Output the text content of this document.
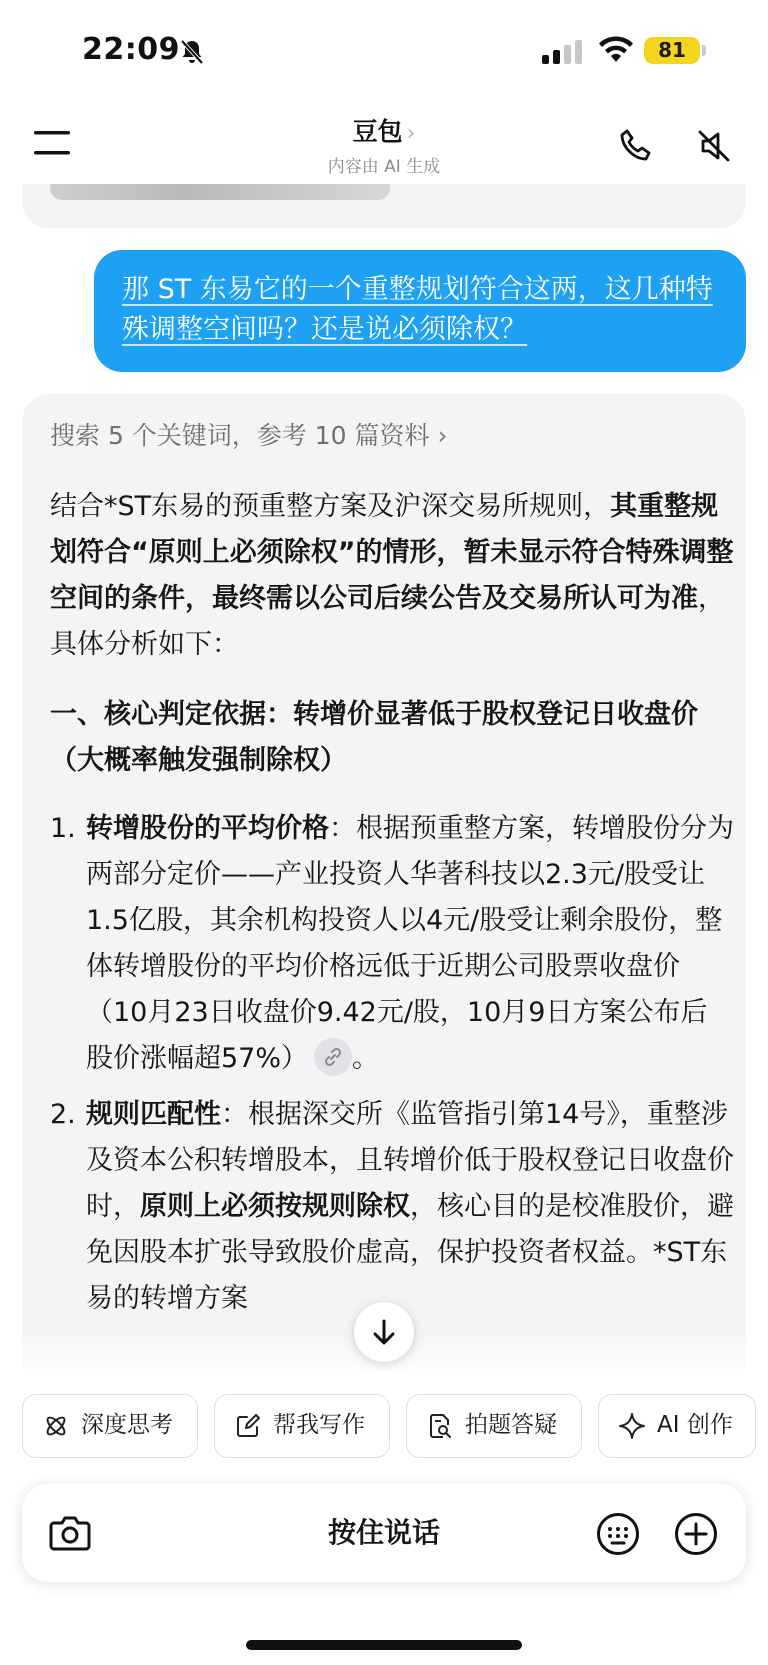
22:09	81
豆包 ›
内容由 AI 生成
那 ST 东易它的一个重整规划符合这两，这几种特殊调整空间吗？还是说必须除权？
搜索 5 个关键词，参考 10 篇资料 ›
结合*ST东易的预重整方案及沪深交易所规则，其重整规划符合“原则上必须除权”的情形，暂未显示符合特殊调整空间的条件，最终需以公司后续公告及交易所认可为准，具体分析如下：
一、核心判定依据：转增价显著低于股权登记日收盘价（大概率触发强制除权）
1. 转增股份的平均价格：根据预重整方案，转增股份分为两部分定价——产业投资人华著科技以2.3元/股受让1.5亿股，其余机构投资人以4元/股受让剩余股份，整体转增股份的平均价格远低于近期公司股票收盘价（10月23日收盘价9.42元/股，10月9日方案公布后股价涨幅超57%） 。
2. 规则匹配性：根据深交所《监管指引第14号》，重整涉及资本公积转增股本，且转增价低于股权登记日收盘价时，原则上必须按规则除权，核心目的是校准股价，避免因股本扩张导致股价虚高，保护投资者权益。*ST东易的转增方案
深度思考	帮我写作	拍题答疑	AI 创作
按住说话
